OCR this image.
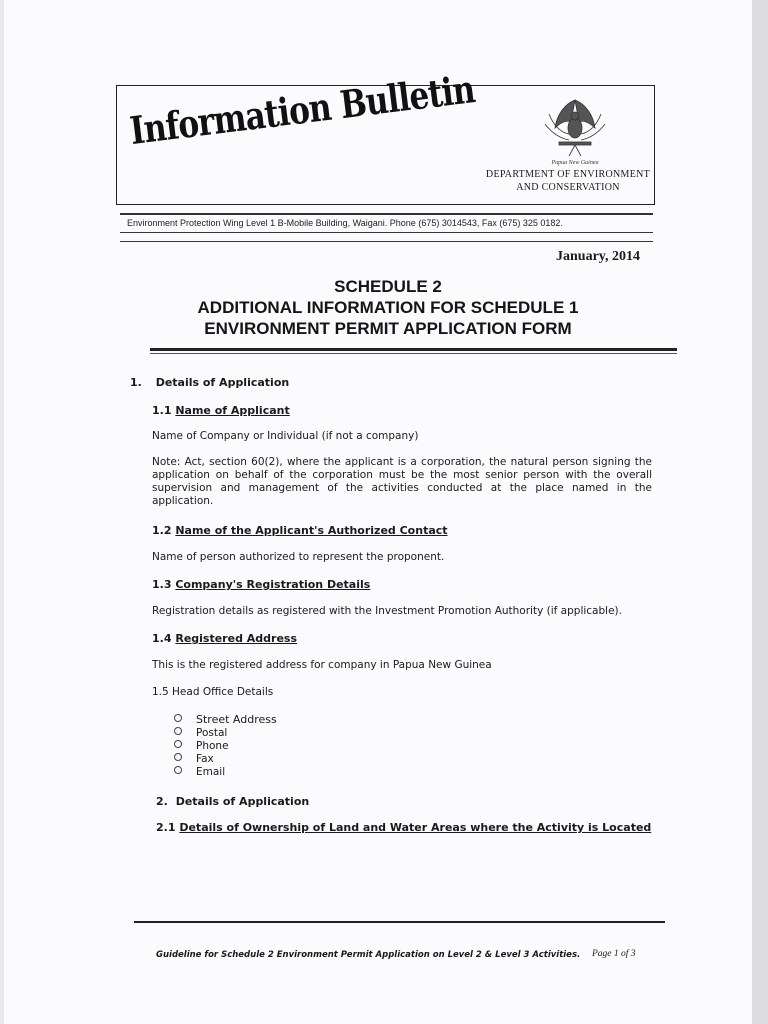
Information Bulletin
Papua New Guinea
DEPARTMENT OF ENVIRONMENT
AND CONSERVATION
Environment Protection Wing Level 1 B-Mobile Building, Waigani. Phone (675) 3014543, Fax (675) 325 0182.
January, 2014
SCHEDULE 2
ADDITIONAL INFORMATION FOR SCHEDULE 1
ENVIRONMENT PERMIT APPLICATION FORM
1. Details of Application
1.1 Name of Applicant
Name of Company or Individual (if not a company)
Note: Act, section 60(2), where the applicant is a corporation, the natural person signing the application on behalf of the corporation must be the most senior person with the overall supervision and management of the activities conducted at the place named in the application.
1.2 Name of the Applicant's Authorized Contact
Name of person authorized to represent the proponent.
1.3 Company's Registration Details
Registration details as registered with the Investment Promotion Authority (if applicable).
1.4 Registered Address
This is the registered address for company in Papua New Guinea
1.5 Head Office Details
Street Address
Postal
Phone
Fax
Email
2. Details of Application
2.1 Details of Ownership of Land and Water Areas where the Activity is Located
Guideline for Schedule 2 Environment Permit Application on Level 2 & Level 3 Activities. Page 1 of 3
